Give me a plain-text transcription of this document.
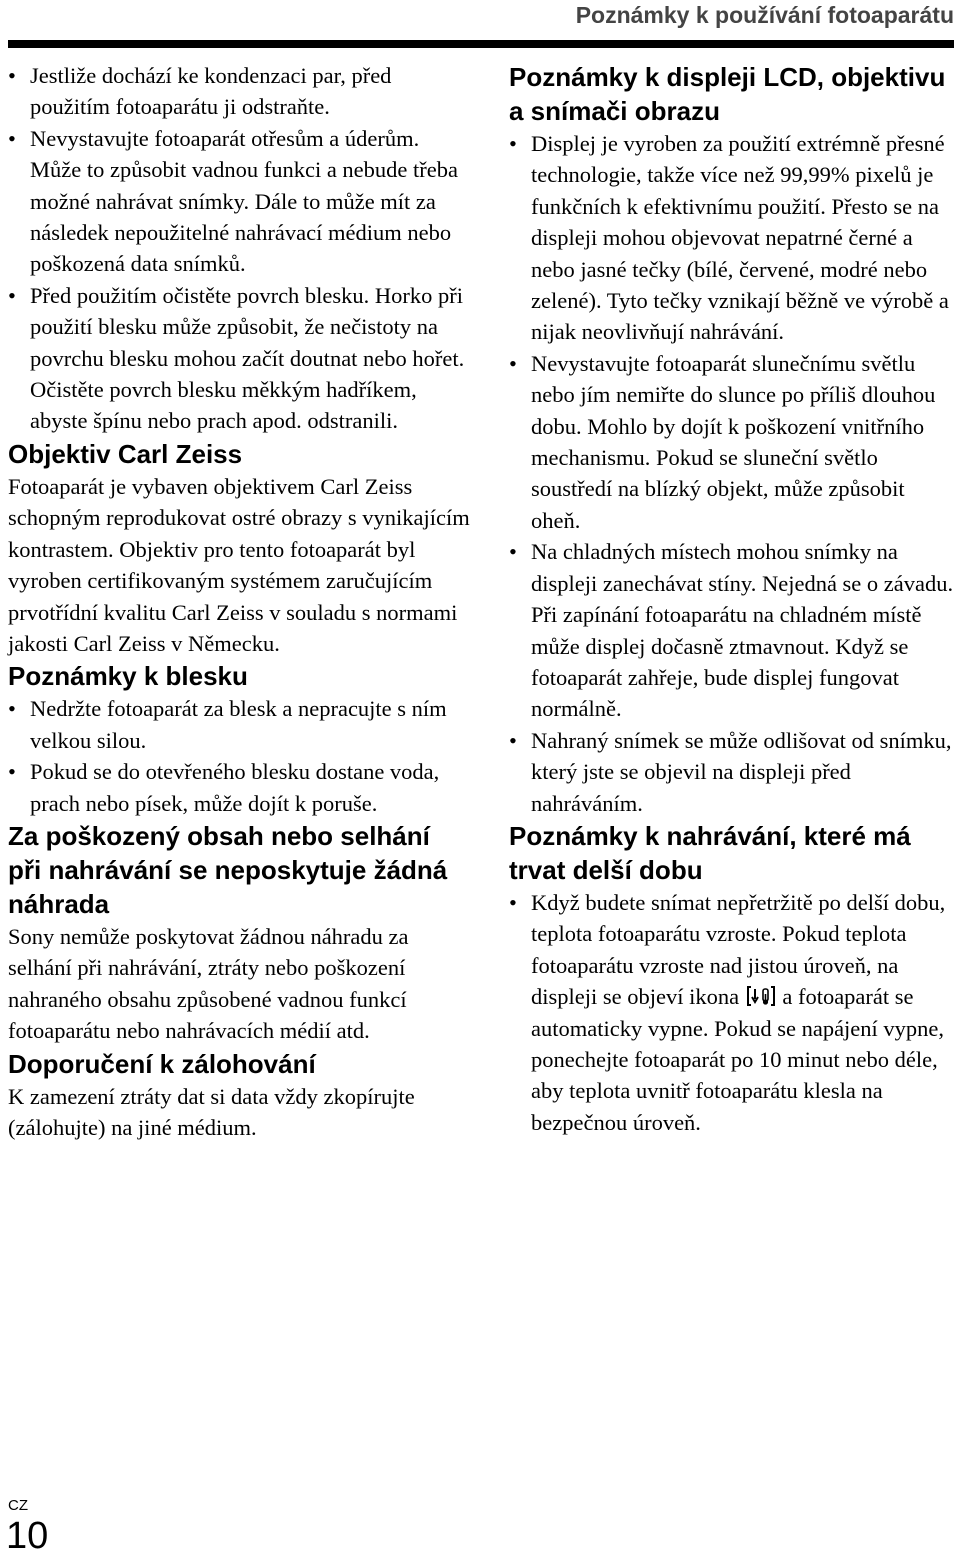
Poznámky k používání fotoaparátu
• Jestliže dochází ke kondenzaci par, před použitím fotoaparátu ji odstraňte.
• Nevystavujte fotoaparát otřesům a úderům. Může to způsobit vadnou funkci a nebude třeba možné nahrávat snímky. Dále to může mít za následek nepoužitelné nahrávací médium nebo poškozená data snímků.
• Před použitím očistěte povrch blesku. Horko při použití blesku může způsobit, že nečistoty na povrchu blesku mohou začít doutnat nebo hořet. Očistěte povrch blesku měkkým hadříkem, abyste špínu nebo prach apod. odstranili.
Objektiv Carl Zeiss

Fotoaparát je vybaven objektivem Carl Zeiss schopným reprodukovat ostré obrazy s vynikajícím kontrastem. Objektiv pro tento fotoaparát byl vyroben certifikovaným systémem zaručujícím prvotřídní kvalitu Carl Zeiss v souladu s normami jakosti Carl Zeiss v Německu.

Poznámky k blesku
• Nedržte fotoaparát za blesk a nepracujte s ním velkou silou.
• Pokud se do otevřeného blesku dostane voda, prach nebo písek, může dojít k poruše.
Za poškozený obsah nebo selhání při nahrávání se neposkytuje žádná náhrada

Sony nemůže poskytovat žádnou náhradu za selhání při nahrávání, ztráty nebo poškození nahraného obsahu způsobené vadnou funkcí fotoaparátu nebo nahrávacích médií atd.

Doporučení k zálohování

K zamezení ztráty dat si data vždy zkopírujte (zálohujte) na jiné médium.

Poznámky k displeji LCD, objektivu a snímači obrazu
• Displej je vyroben za použití extrémně přesné technologie, takže více než 99,99% pixelů je funkčních k efektivnímu použití. Přesto se na displeji mohou objevovat nepatrné černé a nebo jasné tečky (bílé, červené, modré nebo zelené). Tyto tečky vznikají běžně ve výrobě a nijak neovlivňují nahrávání.
• Nevystavujte fotoaparát slunečnímu světlu nebo jím nemiřte do slunce po příliš dlouhou dobu. Mohlo by dojít k poškození vnitřního mechanismu. Pokud se sluneční světlo soustředí na blízký objekt, může způsobit oheň.
• Na chladných místech mohou snímky na displeji zanechávat stíny. Nejedná se o závadu. Při zapínání fotoaparátu na chladném místě může displej dočasně ztmavnout. Když se fotoaparát zahřeje, bude displej fungovat normálně.
• Nahraný snímek se může odlišovat od snímku, který jste se objevil na displeji před nahráváním.
Poznámky k nahrávání, které má trvat delší dobu
• Když budete snímat nepřetržitě po delší dobu, teplota fotoaparátu vzroste. Pokud teplota fotoaparátu vzroste nad jistou úroveň, na displeji se objeví ikona a fotoaparát se automaticky vypne. Pokud se napájení vypne, ponechejte fotoaparát po 10 minut nebo déle, aby teplota uvnitř fotoaparátu klesla na bezpečnou úroveň.
CZ
10
